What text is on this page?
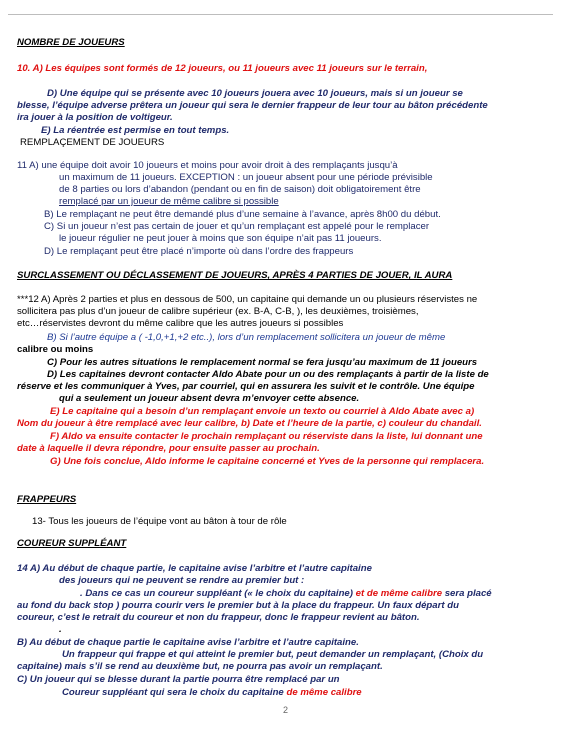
NOMBRE DE JOUEURS
10. A) Les équipes sont formés de 12 joueurs, ou 11 joueurs avec 11 joueurs sur le terrain,
D) Une équipe qui se présente avec 10 joueurs jouera avec 10 joueurs, mais si un joueur se
blesse, l’équipe adverse prêtera un joueur qui sera le dernier frappeur de leur tour au bâton précédente
ira jouer à la position de voltigeur.
E) La réentrée est permise en tout temps.
REMPLAÇEMENT DE JOUEURS
11 A) une équipe doit avoir 10 joueurs et moins pour avoir droit à des remplaçants jusqu’à
un maximum de 11 joueurs. EXCEPTION : un joueur absent pour une période prévisible
de 8 parties ou lors d’abandon (pendant ou en fin de saison) doit obligatoirement être
remplacé par un joueur de même calibre si possible
B) Le remplaçant ne peut être demandé plus d’une semaine à l’avance, après 8h00 du début.
C) Si un joueur n’est pas certain de jouer et qu’un remplaçant est appelé pour le remplacer
le joueur régulier ne peut jouer à moins que son équipe n’ait pas 11 joueurs.
D) Le remplaçant peut être placé n’importe où dans l’ordre des frappeurs
SURCLASSEMENT OU DÉCLASSEMENT DE JOUEURS, APRÈS 4 PARTIES DE JOUER, IL AURA
***12 A) Après 2 parties et plus en dessous de 500, un capitaine qui demande un ou plusieurs réservistes ne
sollicitera pas plus d’un joueur de calibre supérieur (ex. B-A, C-B, ), les deuxièmes, troisièmes,
etc…réservistes devront du même calibre que les autres joueurs si possibles
B) Si l’autre équipe a ( -1,0,+1,+2 etc..), lors d’un remplacement sollicitera un joueur de même
calibre ou moins
C) Pour les autres situations le remplacement normal se fera jusqu’au maximum de 11 joueurs
D) Les capitaines devront contacter Aldo Abate pour un ou des remplaçants à partir de la liste de
réserve et les communiquer à Yves, par courriel, qui en assurera les suivit et le contrôle. Une équipe
qui a seulement un joueur absent devra m’envoyer cette absence.
E) Le capitaine qui a besoin d’un remplaçant envoie un texto ou courriel à Aldo Abate avec a)
Nom du joueur à être remplacé avec leur calibre, b) Date et l’heure de la partie, c) couleur du chandail.
F) Aldo va ensuite contacter le prochain remplaçant ou réserviste dans la liste, lui donnant une
date à laquelle il devra répondre, pour ensuite passer au prochain.
G) Une fois conclue, Aldo informe le capitaine concerné et Yves de la personne qui remplacera.
FRAPPEURS
13- Tous les joueurs de l’équipe vont au bâton à tour de rôle
COUREUR SUPPLÉANT
14 A) Au début de chaque partie, le capitaine avise l’arbitre et l’autre capitaine
des joueurs qui ne peuvent se rendre au premier but :
. Dans ce cas un coureur suppléant (« le choix du capitaine) et de même calibre sera placé
au fond du back stop ) pourra courir vers le premier but à la place du frappeur. Un faux départ du
coureur, c’est le retrait du coureur et non du frappeur, donc le frappeur revient au bâton.
.
B) Au début de chaque partie le capitaine avise l’arbitre et l’autre capitaine.
Un frappeur qui frappe et qui atteint le premier but, peut demander un remplaçant, (Choix du
capitaine) mais s’il se rend au deuxième but, ne pourra pas avoir un remplaçant.
C) Un joueur qui se blesse durant la partie pourra être remplacé par un
Coureur suppléant qui sera le choix du capitaine de même calibre
2
